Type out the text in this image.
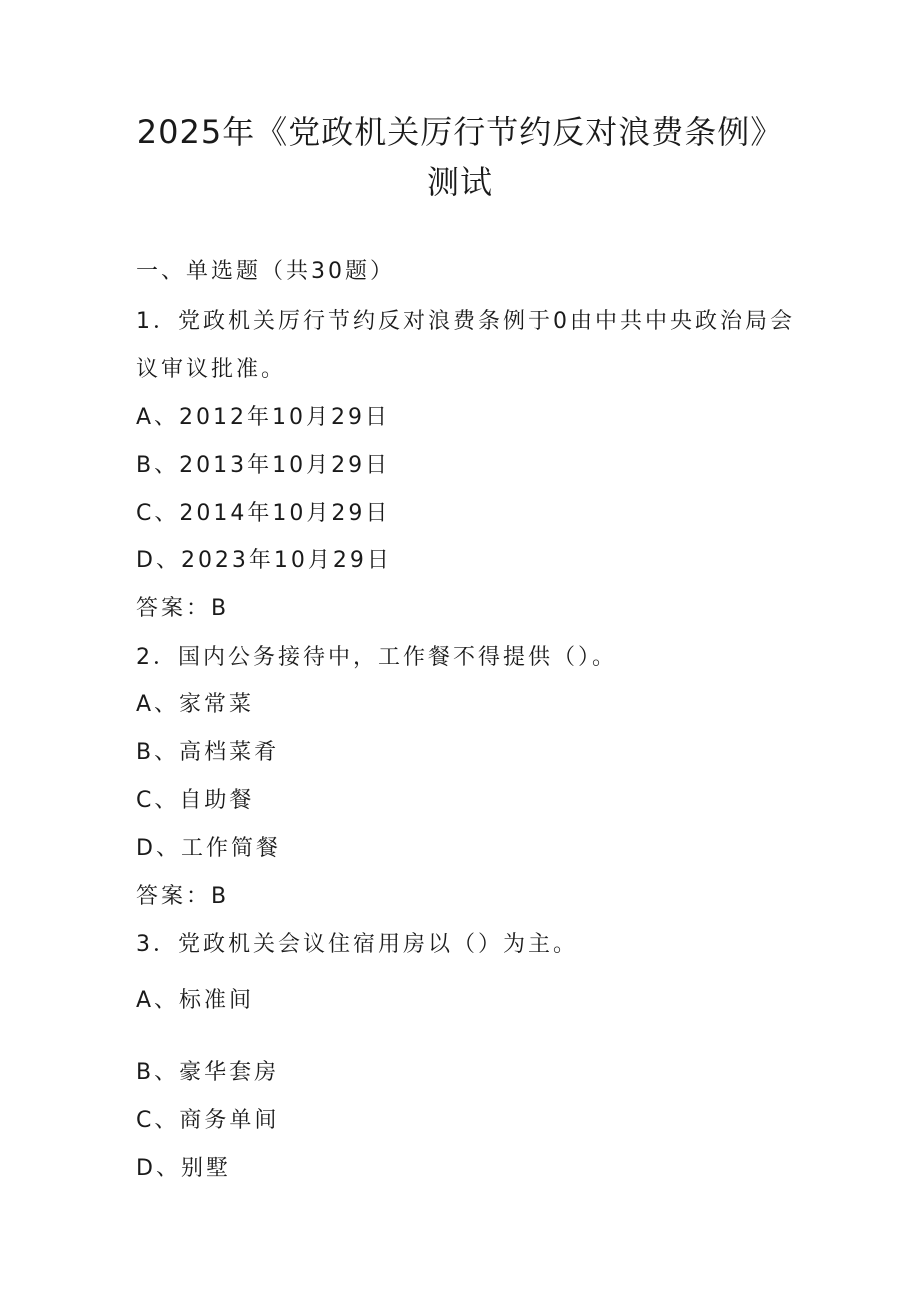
2025年《党政机关厉行节约反对浪费条例》
测试
一、单选题（共30题）
1．党政机关厉行节约反对浪费条例于0由中共中央政治局会
议审议批准。
A、2012年10月29日
B、2013年10月29日
C、2014年10月29日
D、2023年10月29日
答案：B
2．国内公务接待中，工作餐不得提供（）。
A、家常菜
B、高档菜肴
C、自助餐
D、工作简餐
答案：B
3．党政机关会议住宿用房以（）为主。
A、标准间
B、豪华套房
C、商务单间
D、别墅
